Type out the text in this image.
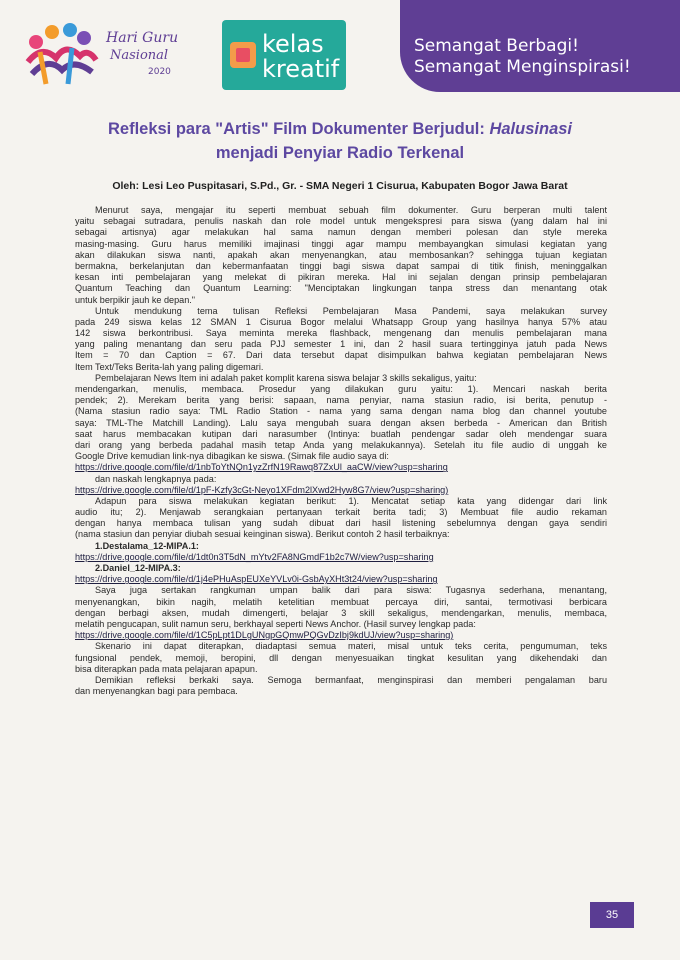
Hari Guru
Nasional
2020
kelas
kreatif
Semangat Berbagi!
Semangat Menginspirasi!
Refleksi para "Artis" Film Dokumenter Berjudul: Halusinasi
menjadi Penyiar Radio Terkenal
Oleh: Lesi Leo Puspitasari, S.Pd., Gr. - SMA Negeri 1 Cisurua, Kabupaten Bogor Jawa Barat
Menurut saya, mengajar itu seperti membuat sebuah film dokumenter. Guru berperan multi talent
yaitu sebagai sutradara, penulis naskah dan role model untuk mengekspresi para siswa (yang dalam hal ini
sebagai artisnya) agar melakukan hal sama namun dengan memberi polesan dan style mereka
masing-masing. Guru harus memiliki imajinasi tinggi agar mampu membayangkan simulasi kegiatan yang
akan dilakukan siswa nanti, apakah akan menyenangkan, atau membosankan? sehingga tujuan kegiatan
bermakna, berkelanjutan dan kebermanfaatan tinggi bagi siswa dapat sampai di titik finish, meninggalkan
kesan inti pembelajaran yang melekat di pikiran mereka. Hal ini sejalan dengan prinsip pembelajaran
Quantum Teaching dan Quantum Learning: "Menciptakan lingkungan tanpa stress dan menantang otak
untuk berpikir jauh ke depan."
Untuk mendukung tema tulisan Refleksi Pembelajaran Masa Pandemi, saya melakukan survey
pada 249 siswa kelas 12 SMAN 1 Cisurua Bogor melalui Whatsapp Group yang hasilnya hanya 57% atau
142 siswa berkontribusi. Saya meminta mereka flashback, mengenang dan menulis pembelajaran mana
yang paling menantang dan seru pada PJJ semester 1 ini, dan 2 hasil suara tertingginya jatuh pada News
Item = 70 dan Caption = 67. Dari data tersebut dapat disimpulkan bahwa kegiatan pembelajaran News
Item Text/Teks Berita-lah yang paling digemari.
Pembelajaran News Item ini adalah paket komplit karena siswa belajar 3 skills sekaligus, yaitu:
mendengarkan, menulis, membaca. Prosedur yang dilakukan guru yaitu: 1). Mencari naskah berita
pendek; 2). Merekam berita yang berisi: sapaan, nama penyiar, nama stasiun radio, isi berita, penutup -
(Nama stasiun radio saya: TML Radio Station - nama yang sama dengan nama blog dan channel youtube
saya: TML-The Matchill Landing). Lalu saya mengubah suara dengan aksen berbeda - American dan British
saat harus membacakan kutipan dari narasumber (Intinya: buatlah pendengar sadar oleh mendengar suara
dari orang yang berbeda padahal masih tetap Anda yang melakukannya). Setelah itu file audio di unggah ke
Google Drive kemudian link-nya dibagikan ke siswa. (Simak file audio saya di:
https://drive.google.com/file/d/1nbToYtNQn1yzZrfN19Rawq87ZxUl_aaCW/view?usp=sharing
dan naskah lengkapnya pada:
https://drive.google.com/file/d/1pF-Kzfy3cGt-Neyo1XFdm2lXwd2Hyw8G7/view?usp=sharing)
Adapun para siswa melakukan kegiatan berikut: 1). Mencatat setiap kata yang didengar dari link
audio itu; 2). Menjawab serangkaian pertanyaan terkait berita tadi; 3) Membuat file audio rekaman
dengan hanya membaca tulisan yang sudah dibuat dari hasil listening sebelumnya dengan gaya sendiri
(nama stasiun dan penyiar diubah sesuai keinginan siswa). Berikut contoh 2 hasil terbaiknya:
1.Destalama_12-MIPA.1:
https://drive.google.com/file/d/1dt0n3T5dN_mYtv2FA8NGmdF1b2c7W/view?usp=sharing
2.Daniel_12-MIPA.3:
https://drive.google.com/file/d/1j4ePHuAspEUXeYVLv0i-GsbAyXHt3t24/view?usp=sharing
Saya juga sertakan rangkuman umpan balik dari para siswa: Tugasnya sederhana, menantang,
menyenangkan, bikin nagih, melatih ketelitian membuat percaya diri, santai, termotivasi berbicara
dengan berbagi aksen, mudah dimengerti, belajar 3 skill sekaligus, mendengarkan, menulis, membaca,
melatih pengucapan, sulit namun seru, berkhayal seperti News Anchor. (Hasil survey lengkap pada:
https://drive.google.com/file/d/1C5pLpt1DLgUNgpGQmwPQGvDzIbj9kdUJ/view?usp=sharing)
Skenario ini dapat diterapkan, diadaptasi semua materi, misal untuk teks cerita, pengumuman, teks
fungsional pendek, memoji, beropini, dll dengan menyesuaikan tingkat kesulitan yang dikehendaki dan
bisa diterapkan pada mata pelajaran apapun.
Demikian refleksi berkaki saya. Semoga bermanfaat, menginspirasi dan memberi pengalaman baru
dan menyenangkan bagi para pembaca.
35
